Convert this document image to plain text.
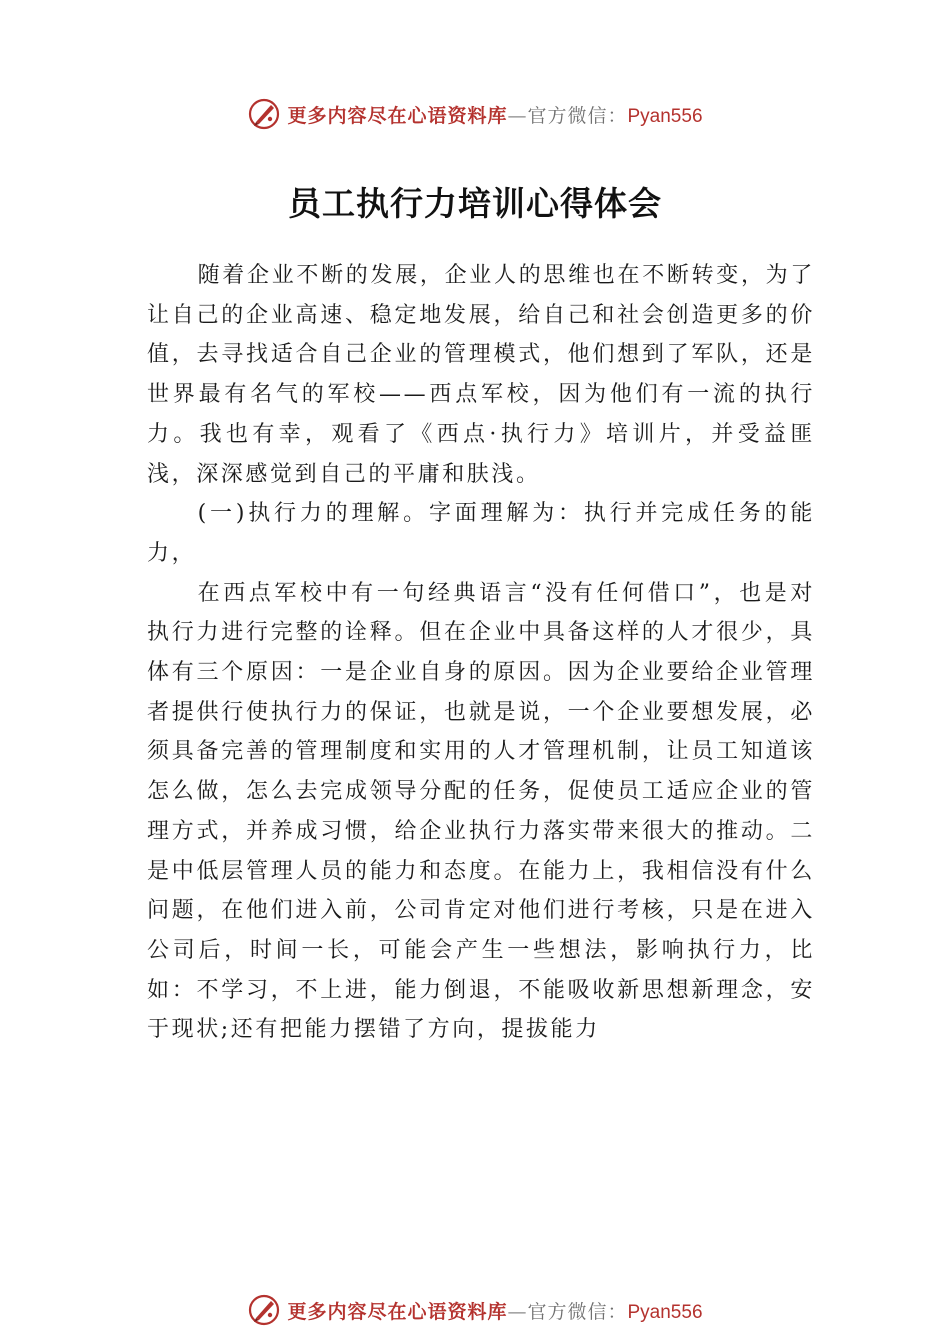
更多内容尽在心语资料库—官方微信：Pyan556
员工执行力培训心得体会

随着企业不断的发展，企业人的思维也在不断转变，为了让自己的企业高速、稳定地发展，给自己和社会创造更多的价值，去寻找适合自己企业的管理模式，他们想到了军队，还是世界最有名气的军校——西点军校，因为他们有一流的执行力。我也有幸，观看了《西点·执行力》培训片，并受益匪浅，深深感觉到自己的平庸和肤浅。

(一)执行力的理解。字面理解为：执行并完成任务的能力，

在西点军校中有一句经典语言“没有任何借口”，也是对执行力进行完整的诠释。但在企业中具备这样的人才很少，具体有三个原因：一是企业自身的原因。因为企业要给企业管理者提供行使执行力的保证，也就是说，一个企业要想发展，必须具备完善的管理制度和实用的人才管理机制，让员工知道该怎么做，怎么去完成领导分配的任务，促使员工适应企业的管理方式，并养成习惯，给企业执行力落实带来很大的推动。二是中低层管理人员的能力和态度。在能力上，我相信没有什么问题，在他们进入前，公司肯定对他们进行考核，只是在进入公司后，时间一长，可能会产生一些想法，影响执行力，比如：不学习，不上进，能力倒退，不能吸收新思想新理念，安于现状;还有把能力摆错了方向，提拔能力

更多内容尽在心语资料库—官方微信：Pyan556
